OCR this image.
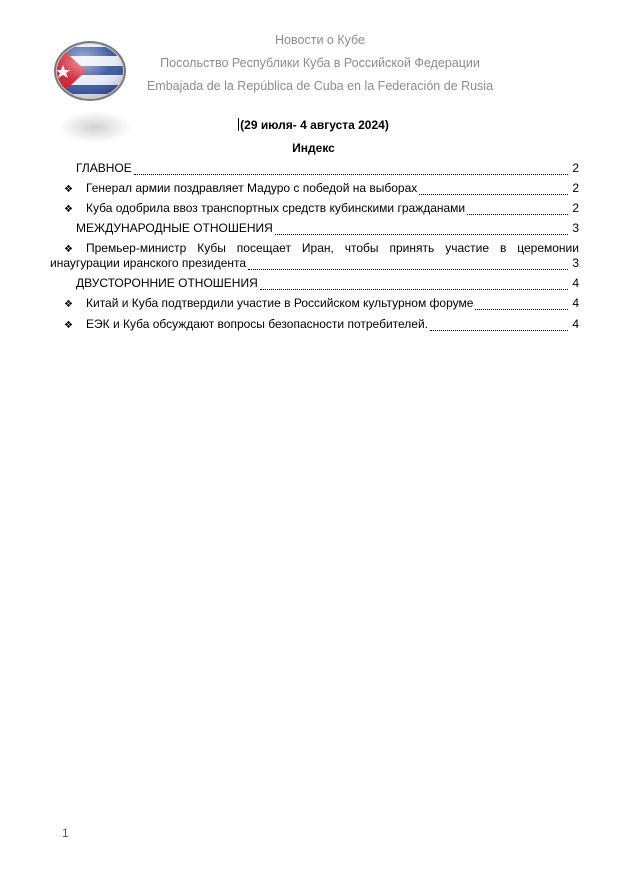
Новости о Кубе
Посольство Республики Куба в Российской Федерации
Embajada de la República de Cuba en la Federación de Rusia
(29 июля- 4 августа 2024)
Индекс
ГЛАВНОЕ	2
❖	Генерал армии поздравляет Мадуро с победой на выборах	2
❖	Куба одобрила ввоз транспортных средств кубинскими гражданами	2
МЕЖДУНАРОДНЫЕ ОТНОШЕНИЯ	3
❖	Премьер-министр Кубы посещает Иран, чтобы принять участие в церемонии
инаугурации иранского президента	3
ДВУСТОРОННИЕ ОТНОШЕНИЯ	4
❖	Китай и Куба подтвердили участие в Российском культурном форуме	4
❖	ЕЭК и Куба обсуждают вопросы безопасности потребителей.	4
1
